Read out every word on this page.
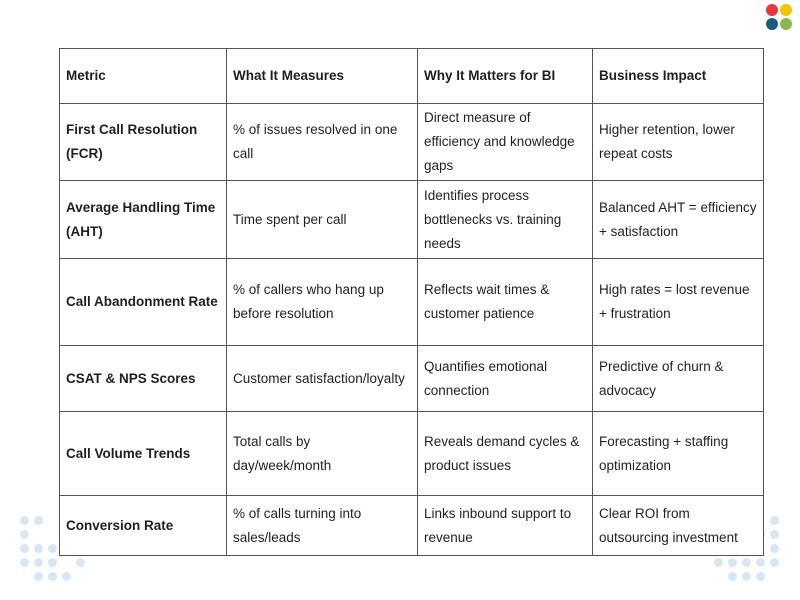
Metric	What It Measures	Why It Matters for BI	Business Impact
First Call Resolution (FCR)	% of issues resolved in one call	Direct measure of efficiency and knowledge gaps	Higher retention, lower repeat costs
Average Handling Time (AHT)	Time spent per call	Identifies process bottlenecks vs. training needs	Balanced AHT = efficiency + satisfaction
Call Abandonment Rate	% of callers who hang up before resolution	Reflects wait times & customer patience	High rates = lost revenue + frustration
CSAT & NPS Scores	Customer satisfaction/loyalty	Quantifies emotional connection	Predictive of churn & advocacy
Call Volume Trends	Total calls by day/week/month	Reveals demand cycles & product issues	Forecasting + staffing optimization
Conversion Rate	% of calls turning into sales/leads	Links inbound support to revenue	Clear ROI from outsourcing investment
